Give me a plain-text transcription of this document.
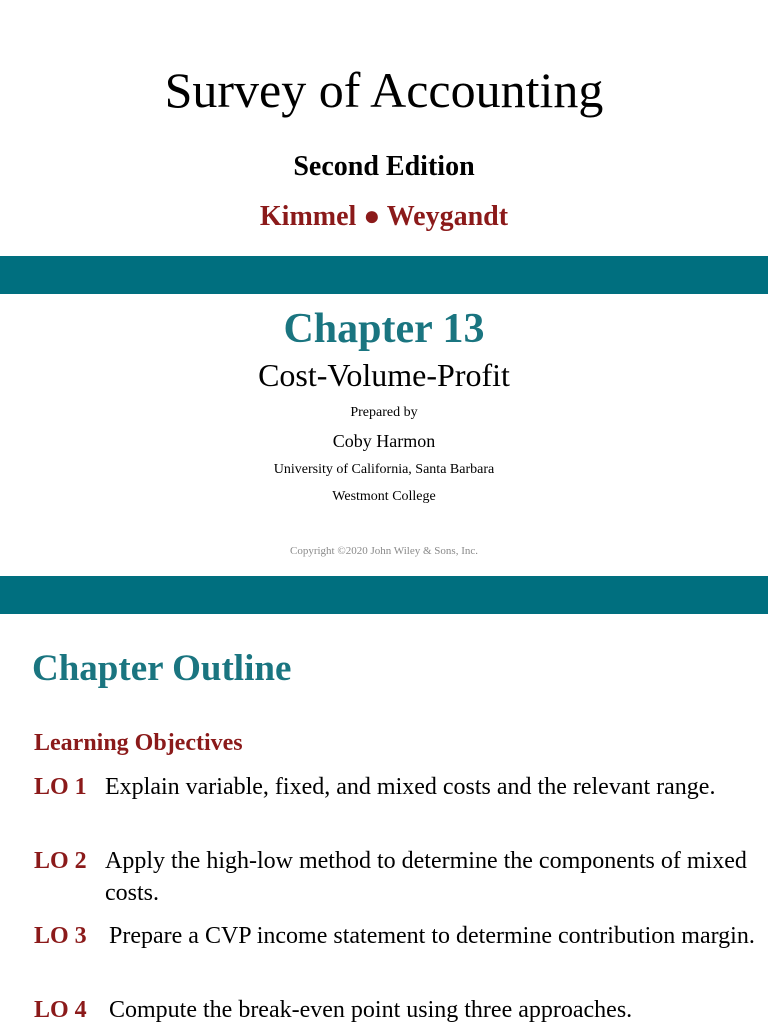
Survey of Accounting
Second Edition
Kimmel ● Weygandt
Chapter 13
Cost-Volume-Profit
Prepared by
Coby Harmon
University of California, Santa Barbara
Westmont College
Copyright ©2020 John Wiley & Sons, Inc.
Chapter Outline
Learning Objectives
LO 1 Explain variable, fixed, and mixed costs and the relevant range.
LO 2 Apply the high-low method to determine the components of mixed costs.
LO 3 Prepare a CVP income statement to determine contribution margin.
LO 4 Compute the break-even point using three approaches.
